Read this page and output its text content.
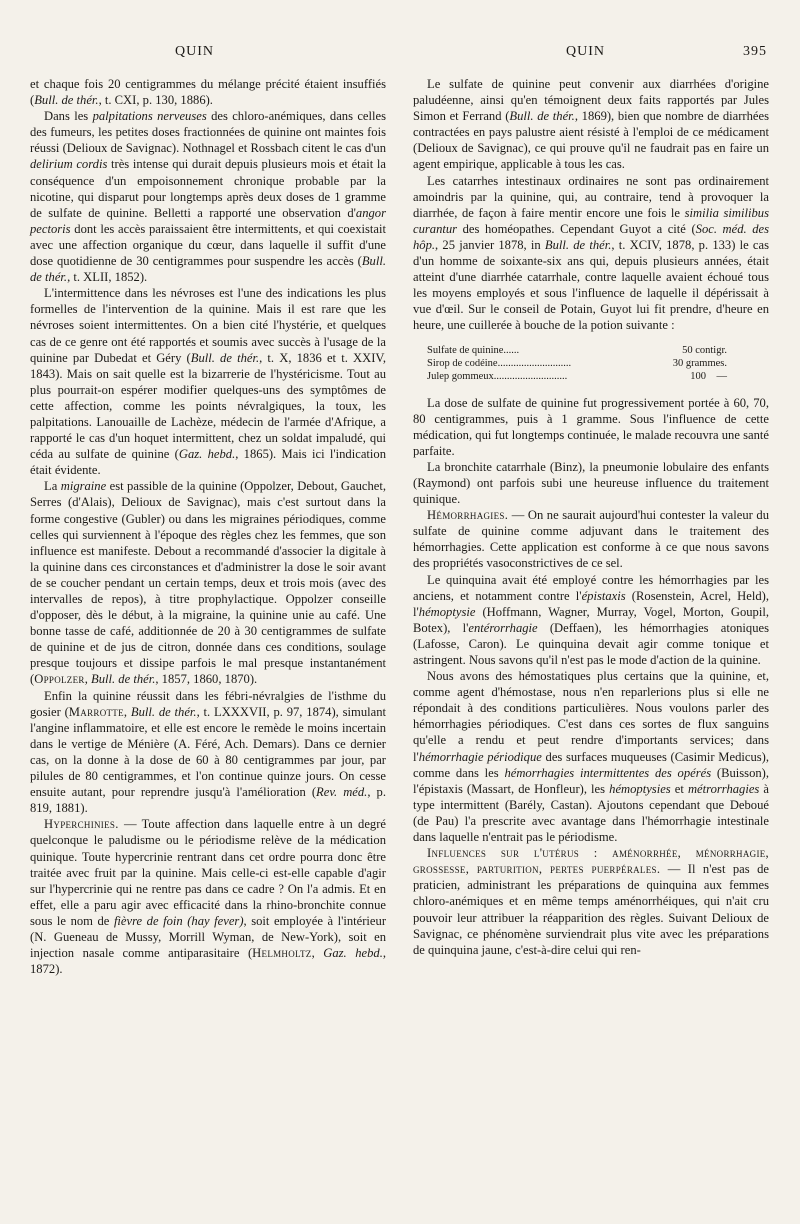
QUIN	QUIN	395

et chaque fois 20 centigrammes du mélange précité étaient insuffiés (Bull. de thér., t. CXI, p. 130, 1886).

Dans les palpitations nerveuses des chloro-anémiques, dans celles des fumeurs, les petites doses fractionnées de quinine ont maintes fois réussi (Delioux de Savignac). Nothnagel et Rossbach citent le cas d'un delirium cordis très intense qui durait depuis plusieurs mois et était la conséquence d'un empoisonnement chronique probable par la nicotine, qui disparut pour longtemps après deux doses de 1 gramme de sulfate de quinine. Belletti a rapporté une observation d'angor pectoris dont les accès paraissaient être intermittents, et qui coexistait avec une affection organique du cœur, dans laquelle il suffit d'une dose quotidienne de 30 centigrammes pour suspendre les accès (Bull. de thér., t. XLII, 1852).

L'intermittence dans les névroses est l'une des indications les plus formelles de l'intervention de la quinine. Mais il est rare que les névroses soient intermittentes. On a bien cité l'hystérie, et quelques cas de ce genre ont été rapportés et soumis avec succès à l'usage de la quinine par Dubedat et Géry (Bull. de thér., t. X, 1836 et t. XXIV, 1843). Mais on sait quelle est la bizarrerie de l'hystéricisme. Tout au plus pourrait-on espérer modifier quelques-uns des symptômes de cette affection, comme les points névralgiques, la toux, les palpitations. Lanouaille de Lachèze, médecin de l'armée d'Afrique, a rapporté le cas d'un hoquet intermittent, chez un soldat impaludé, qui céda au sulfate de quinine (Gaz. hebd., 1865). Mais ici l'indication était évidente.

La migraine est passible de la quinine (Oppolzer, Debout, Gauchet, Serres (d'Alais), Delioux de Savignac), mais c'est surtout dans la forme congestive (Gubler) ou dans les migraines périodiques, comme celles qui surviennent à l'époque des règles chez les femmes, que son influence est manifeste. Debout a recommandé d'associer la digitale à la quinine dans ces circonstances et d'administrer la dose le soir avant de se coucher pendant un certain temps, deux et trois mois (avec des intervalles de repos), à titre prophylactique. Oppolzer conseille d'opposer, dès le début, à la migraine, la quinine unie au café. Une bonne tasse de café, additionnée de 20 à 30 centigrammes de sulfate de quinine et de jus de citron, donnée dans ces conditions, soulage presque toujours et dissipe parfois le mal presque instantanément (Oppolzer, Bull. de thér., 1857, 1860, 1870).

Enfin la quinine réussit dans les fébri-névralgies de l'isthme du gosier (Marrotte, Bull. de thér., t. LXXXVII, p. 97, 1874), simulant l'angine inflammatoire, et elle est encore le remède le moins incertain dans le vertige de Ménière (A. Féré, Ach. Demars). Dans ce dernier cas, on la donne à la dose de 60 à 80 centigrammes par jour, par pilules de 80 centigrammes, et l'on continue quinze jours. On cesse ensuite autant, pour reprendre jusqu'à l'amélioration (Rev. méd., p. 819, 1881).

Hyperchinies. — Toute affection dans laquelle entre à un degré quelconque le paludisme ou le périodisme relève de la médication quinique. Toute hypercrinie rentrant dans cet ordre pourra donc être traitée avec fruit par la quinine. Mais celle-ci est-elle capable d'agir sur l'hypercrinie qui ne rentre pas dans ce cadre ? On l'a admis. Et en effet, elle a paru agir avec efficacité dans la rhino-bronchite connue sous le nom de fièvre de foin (hay fever), soit employée à l'intérieur (N. Gueneau de Mussy, Morrill Wyman, de New-York), soit en injection nasale comme antiparasitaire (Helmholtz, Gaz. hebd., 1872).

Le sulfate de quinine peut convenir aux diarrhées d'origine paludéenne, ainsi qu'en témoignent deux faits rapportés par Jules Simon et Ferrand (Bull. de thér., 1869), bien que nombre de diarrhées contractées en pays palustre aient résisté à l'emploi de ce médicament (Delioux de Savignac), ce qui prouve qu'il ne faudrait pas en faire un agent empirique, applicable à tous les cas.

Les catarrhes intestinaux ordinaires ne sont pas ordinairement amoindris par la quinine, qui, au contraire, tend à provoquer la diarrhée, de façon à faire mentir encore une fois le similia similibus curantur des homéopathes. Cependant Guyot a cité (Soc. méd. des hôp., 25 janvier 1878, in Bull. de thér., t. XCIV, 1878, p. 133) le cas d'un homme de soixante-six ans qui, depuis plusieurs années, était atteint d'une diarrhée catarrhale, contre laquelle avaient échoué tous les moyens employés et sous l'influence de laquelle il dépérissait à vue d'œil. Sur le conseil de Potain, Guyot lui fit prendre, d'heure en heure, une cuillerée à bouche de la potion suivante :

Sulfate de quinine......	50 contigr.
Sirop de codéine............................	30 grammes.
Julep gommeux............................	100    —

La dose de sulfate de quinine fut progressivement portée à 60, 70, 80 centigrammes, puis à 1 gramme. Sous l'influence de cette médication, qui fut longtemps continuée, le malade recouvra une santé parfaite.

La bronchite catarrhale (Binz), la pneumonie lobulaire des enfants (Raymond) ont parfois subi une heureuse influence du traitement quinique.

Hémorrhagies. — On ne saurait aujourd'hui contester la valeur du sulfate de quinine comme adjuvant dans le traitement des hémorrhagies. Cette application est conforme à ce que nous savons des propriétés vasoconstrictives de ce sel.

Le quinquina avait été employé contre les hémorrhagies par les anciens, et notamment contre l'épistaxis (Rosenstein, Acrel, Held), l'hémoptysie (Hoffmann, Wagner, Murray, Vogel, Morton, Goupil, Botex), l'entérorrhagie (Deffaen), les hémorrhagies atoniques (Lafosse, Caron). Le quinquina devait agir comme tonique et astringent. Nous savons qu'il n'est pas le mode d'action de la quinine.

Nous avons des hémostatiques plus certains que la quinine, et, comme agent d'hémostase, nous n'en reparlerions plus si elle ne répondait à des conditions particulières. Nous voulons parler des hémorrhagies périodiques. C'est dans ces sortes de flux sanguins qu'elle a rendu et peut rendre d'importants services; dans l'hémorrhagie périodique des surfaces muqueuses (Casimir Medicus), comme dans les hémorrhagies intermittentes des opérés (Buisson), l'épistaxis (Massart, de Honfleur), les hémoptysies et métrorrhagies à type intermittent (Barély, Castan). Ajoutons cependant que Deboué (de Pau) l'a prescrite avec avantage dans l'hémorrhagie intestinale dans laquelle n'entrait pas le périodisme.

Influences sur l'utérus : aménorrhée, ménorrhagie, grossesse, parturition, pertes puerpérales. — Il n'est pas de praticien, administrant les préparations de quinquina aux femmes chloro-anémiques et en même temps aménorrhéiques, qui n'ait cru pouvoir leur attribuer la réapparition des règles. Suivant Delioux de Savignac, ce phénomène surviendrait plus vite avec les préparations de quinquina jaune, c'est-à-dire celui qui ren-
